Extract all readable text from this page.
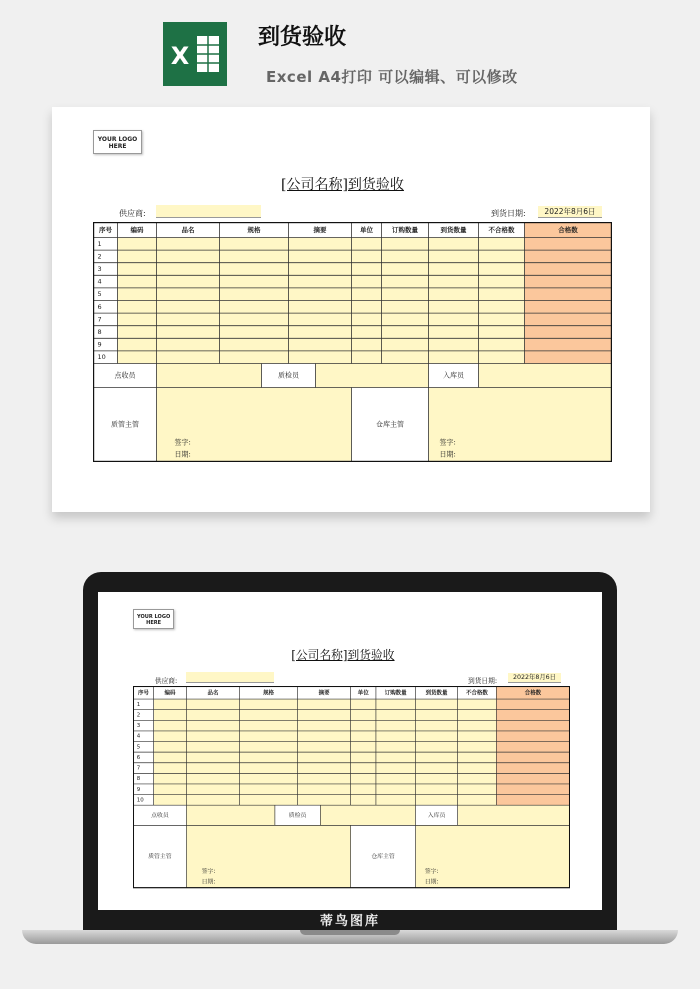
X
到货验收
Excel A4打印 可以编辑、可以修改
YOUR LOGO
HERE
[公司名称]到货验收
供应商:	到货日期:	2022年8月6日
序号	编码	品名	规格	摘要	单位	订购数量	到货数量	不合格数	合格数
1
2
3
4
5
6
7
8
9
10
点收员	质检员	入库员
质管主管	仓库主管
签字:
日期:
签字:
日期:
YOUR LOGO
HERE
[公司名称]到货验收
供应商:	到货日期:	2022年8月6日
序号 编码	品名	规格	摘要	单位 订购数量	到货数量	不合格数	合格数
1
2
3
4
5
6
7
8
9
10
点收员	质检员	入库员
质管主管	仓库主管
签字:
日期:
签字:
日期:
蒂鸟图库
